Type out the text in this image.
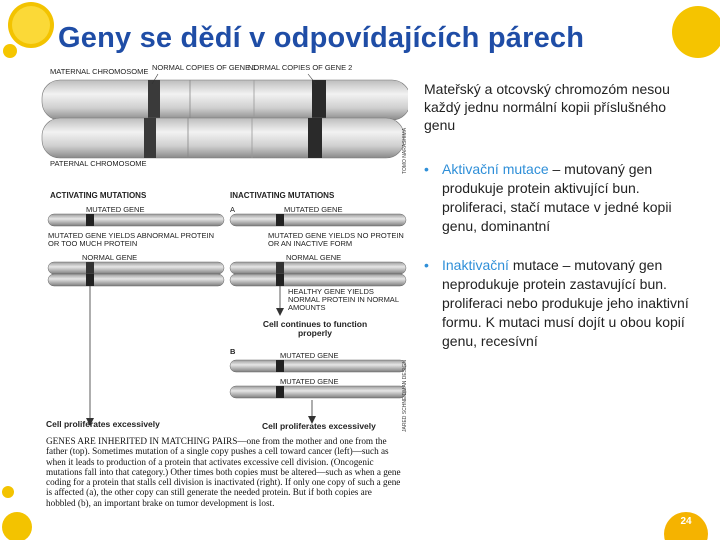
Geny se dědí v odpovídajících párech
MATERNAL CHROMOSOME NORMAL COPIES OF GENE 1
NORMAL COPIES OF GENE 2
PATERNAL CHROMOSOME
ACTIVATING MUTATIONS	INACTIVATING MUTATIONS
MUTATED GENE	A	MUTATED GENE
MUTATED GENE YIELDS ABNORMAL PROTEIN OR TOO MUCH PROTEIN
MUTATED GENE YIELDS NO PROTEIN OR AN INACTIVE FORM
NORMAL GENE	NORMAL GENE
HEALTHY GENE YIELDS NORMAL PROTEIN IN NORMAL AMOUNTS
Cell continues to function properly
B	MUTATED GENE
MUTATED GENE
Cell proliferates excessively	Cell proliferates excessively
TOMO NARASHIMA
JARED SCHNEIDMAN DESIGN
GENES ARE INHERITED IN MATCHING PAIRS—one from the mother and one from the father (top). Sometimes mutation of a single copy pushes a cell toward cancer (left)—such as when it leads to production of a protein that activates excessive cell division. (Oncogenic mutations fall into that category.) Other times both copies must be altered—such as when a gene coding for a protein that stalls cell division is inactivated (right). If only one copy of such a gene is affected (a), the other copy can still generate the needed protein. But if both copies are hobbled (b), an important brake on tumor development is lost.
Mateřský a otcovský chromozóm nesou každý jednu normální kopii příslušného genu
• Aktivační mutace – mutovaný gen produkuje protein aktivující bun. proliferaci, stačí mutace v jedné kopii genu, dominantní
• Inaktivační mutace – mutovaný gen neprodukuje protein zastavující bun. proliferaci nebo produkuje jeho inaktivní formu. K mutaci musí dojít u obou kopií genu, recesívní
24
